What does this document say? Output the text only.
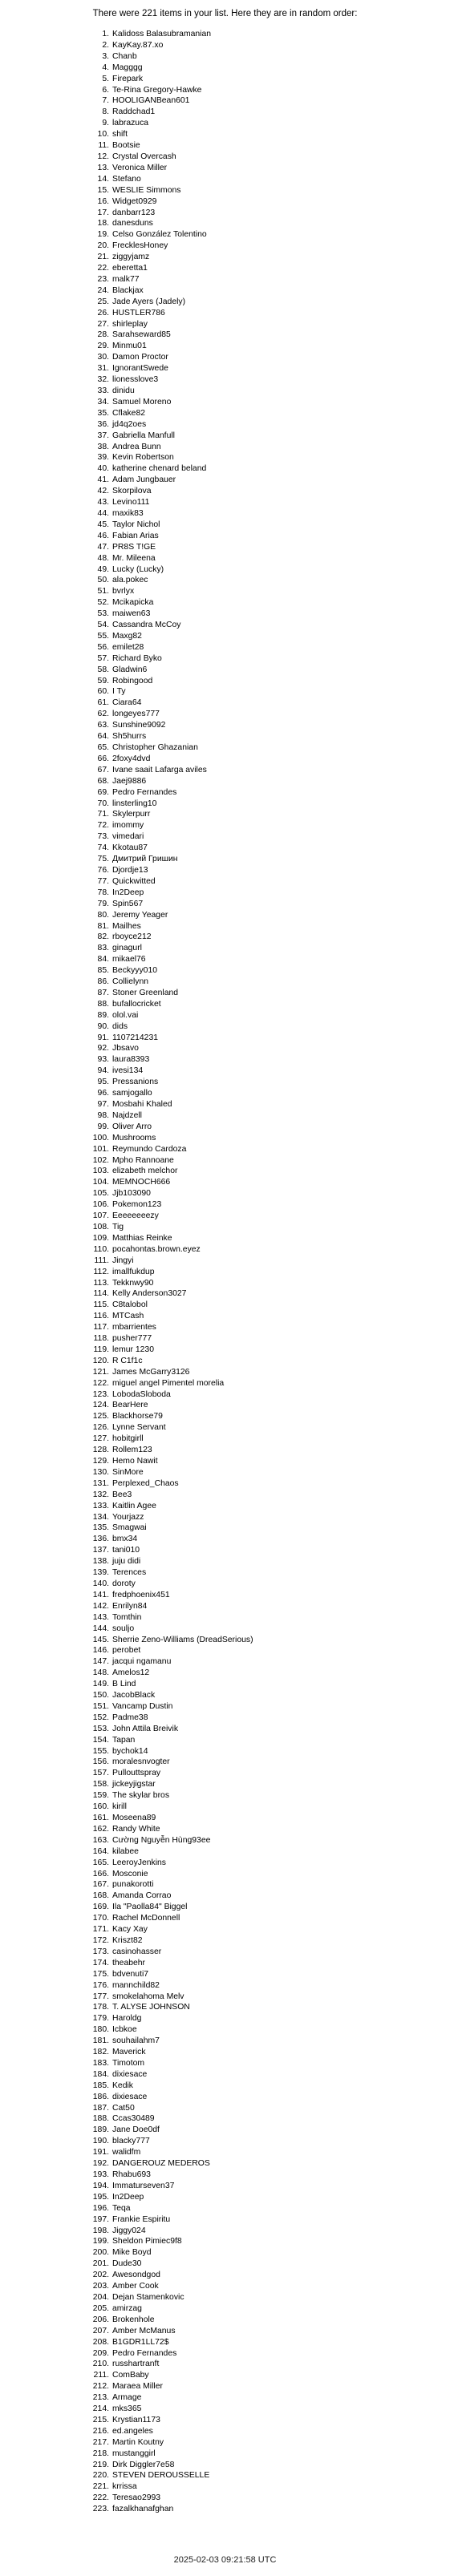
There were 221 items in your list. Here they are in random order:
1. Kalidoss Balasubramanian
2. KayKay.87.xo
3. Chanb
4. Magggg
5. Firepark
6. Te-Rina Gregory-Hawke
7. HOOLIGANBean601
8. Raddchad1
9. labrazuca
10. shift
11. Bootsie
12. Crystal Overcash
13. Veronica Miller
14. Stefano
15. WESLIE Simmons
16. Widget0929
17. danbarr123
18. danesduns
19. Celso González Tolentino
20. FrecklesHoney
21. ziggyjamz
22. eberetta1
23. malk77
24. Blackjax
25. Jade Ayers (Jadely)
26. HUSTLER786
27. shirleplay
28. Sarahseward85
29. Minmu01
30. Damon Proctor
31. IgnorantSwede
32. lionesslove3
33. dinidu
34. Samuel Moreno
35. Cflake82
36. jd4q2oes
37. Gabriella Manfull
38. Andrea Bunn
39. Kevin Robertson
40. katherine chenard beland
41. Adam Jungbauer
42. Skorpilova
43. Levino111
44. maxik83
45. Taylor Nichol
46. Fabian Arias
47. PR8S T!GE
48. Mr. Mileena
49. Lucky (Lucky)
50. ala.pokec
51. bvrlyx
52. Mcikapicka
53. maiwen63
54. Cassandra McCoy
55. Maxg82
56. emilet28
57. Richard Byko
58. Gladwin6
59. Robingood
60. I Ty
61. Ciara64
62. longeyes777
63. Sunshine9092
64. Sh5hurrs
65. Christopher Ghazanian
66. 2foxy4dvd
67. Ivane saait Lafarga aviles
68. Jaej9886
69. Pedro Fernandes
70. linsterling10
71. Skylerpurr
72. imommy
73. vimedari
74. Kkotau87
75. Дмитрий Гришин
76. Djordje13
77. Quickwitted
78. In2Deep
79. Spin567
80. Jeremy Yeager
81. Mailhes
82. rboyce212
83. ginagurl
84. mikael76
85. Beckyyy010
86. Collielynn
87. Stoner Greenland
88. bufallocricket
89. olol.vai
90. dids
91. 1107214231
92. Jbsavo
93. laura8393
94. ivesi134
95. Pressanions
96. samjogallo
97. Mosbahi Khaled
98. Najdzell
99. Oliver Arro
100. Mushrooms
101. Reymundo Cardoza
102. Mpho Rannoane
103. elizabeth melchor
104. MEMNOCH666
105. Jjb103090
106. Pokemon123
107. Eeeeeeeezy
108. Tig
109. Matthias Reinke
110. pocahontas.brown.eyez
111. Jingyi
112. imallfukdup
113. Tekknwy90
114. Kelly Anderson3027
115. C8talobol
116. MTCash
117. mbarrientes
118. pusher777
119. lemur 1230
120. R C1f1c
121. James McGarry3126
122. miguel angel Pimentel morelia
123. LobodaSloboda
124. BearHere
125. Blackhorse79
126. Lynne Servant
127. hobitgirll
128. Rollem123
129. Hemo Nawit
130. SinMore
131. Perplexed_Chaos
132. Bee3
133. Kaitlin Agee
134. Yourjazz
135. Smagwai
136. bmx34
137. tani010
138. juju didi
139. Terences
140. doroty
141. fredphoenix451
142. Enrilyn84
143. Tomthin
144. souljo
145. Sherrie Zeno-Williams (DreadSerious)
146. perobet
147. jacqui ngamanu
148. Amelos12
149. B Lind
150. JacobBlack
151. Vancamp Dustin
152. Padme38
153. John Attila Breivik
154. Tapan
155. bychok14
156. moralesnvogter
157. Pullouttspray
158. jickeyjigstar
159. The skylar bros
160. kirill
161. Moseena89
162. Randy White
163. Cường Nguyễn Hùng93ee
164. kilabee
165. LeeroyJenkins
166. Mosconie
167. punakorotti
168. Amanda Corrao
169. Ila "Paolla84" Biggel
170. Rachel McDonnell
171. Kacy Xay
172. Kriszt82
173. casinohasser
174. theabehr
175. bdvenuti7
176. mannchild82
177. smokelahoma Melv
178. T. ALYSE JOHNSON
179. Haroldg
180. Icbkoe
181. souhailahm7
182. Maverick
183. Timotom
184. dixiesace
185. Kedik
186. dixiesace
187. Cat50
188. Ccas30489
189. Jane Doe0df
190. blacky777
191. walidfm
192. DANGEROUZ MEDEROS
193. Rhabu693
194. Immaturseven37
195. In2Deep
196. Teqa
197. Frankie Espiritu
198. Jiggy024
199. Sheldon Pimiec9f8
200. Mike Boyd
201. Dude30
202. Awesondgod
203. Amber Cook
204. Dejan Stamenkovic
205. amirzag
206. Brokenhole
207. Amber McManus
208. B1GDR1LL72$
209. Pedro Fernandes
210. russhartranft
211. ComBaby
212. Maraea Miller
213. Armage
214. mks365
215. Krystian1173
216. ed.angeles
217. Martin Koutny
218. mustanggirl
219. Dirk Diggler7e58
220. STEVEN DEROUSSELLE
221. krrissa
222. Teresao2993
223. fazalkhanafghan
2025-02-03 09:21:58 UTC
